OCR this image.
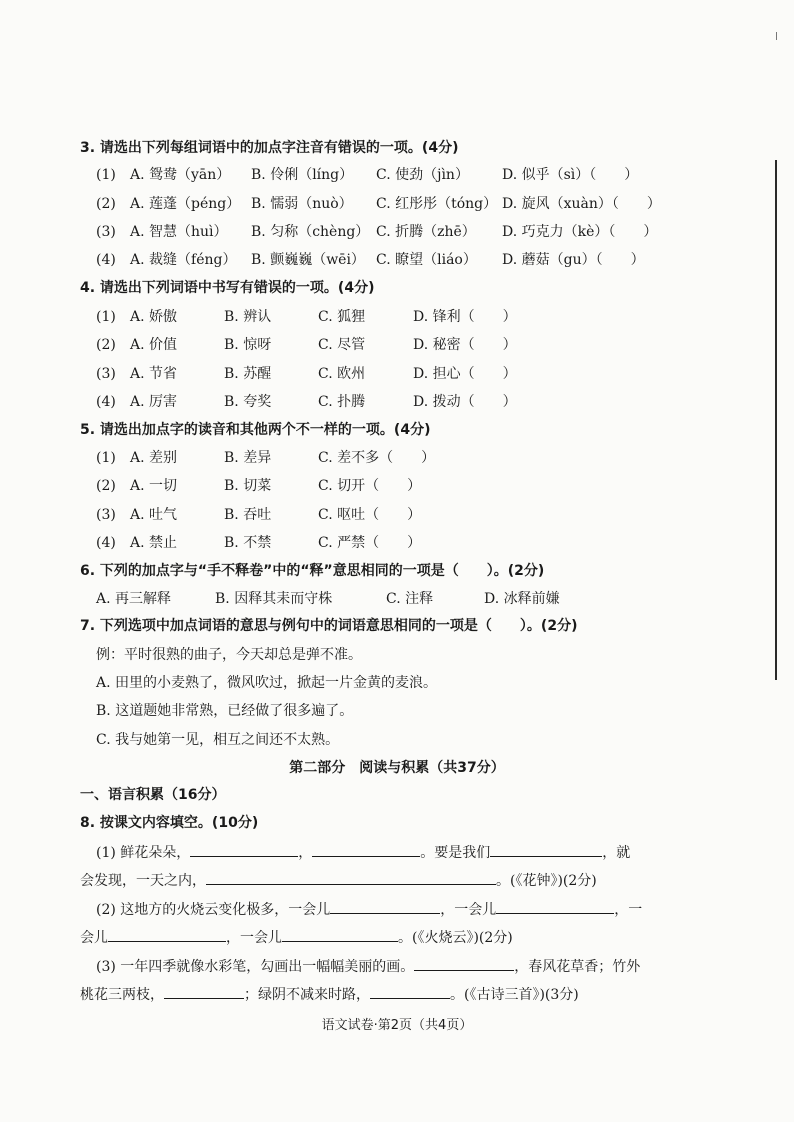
3. 请选出下列每组词语中的加点字注音有错误的一项。(4分)
(1) A. 鸳鸯（yān） B. 伶俐（líng） C. 使劲（jìn） D. 似乎（sì）（　　）
(2) A. 莲蓬（péng） B. 懦弱（nuò） C. 红彤彤（tóng） D. 旋风（xuàn）（　　）
(3) A. 智慧（huì） B. 匀称（chèng） C. 折腾（zhē） D. 巧克力（kè）（　　）
(4) A. 裁缝（féng） B. 颤巍巍（wēi） C. 瞭望（liáo） D. 蘑菇（gu）（　　）
4. 请选出下列词语中书写有错误的一项。(4分)
(1) A. 娇傲	B. 辨认	C. 狐狸	D. 锋利（　　）
(2) A. 价值	B. 惊呀	C. 尽管	D. 秘密（　　）
(3) A. 节省	B. 苏醒	C. 欧州	D. 担心（　　）
(4) A. 厉害	B. 夸奖	C. 扑腾	D. 拨动（　　）
5. 请选出加点字的读音和其他两个不一样的一项。(4分)
(1) A. 差别	B. 差异	C. 差不多（　　）
(2) A. 一切	B. 切菜	C. 切开（　　）
(3) A. 吐气	B. 吞吐	C. 呕吐（　　）
(4) A. 禁止	B. 不禁	C. 严禁（　　）
6. 下列的加点字与“手不释卷”中的“释”意思相同的一项是（　　）。(2分)
A. 再三解释	B. 因释其耒而守株	C. 注释	D. 冰释前嫌
7. 下列选项中加点词语的意思与例句中的词语意思相同的一项是（　　）。(2分)
例：平时很熟的曲子，今天却总是弹不准。
A. 田里的小麦熟了，微风吹过，掀起一片金黄的麦浪。
B. 这道题她非常熟，已经做了很多遍了。
C. 我与她第一见，相互之间还不太熟。
第二部分　阅读与积累（共37分）
一、语言积累（16分）
8. 按课文内容填空。(10分)
(1) 鲜花朵朵，	，	。要是我们	，就
会发现，一天之内，	。(《花钟》)(2分)
(2) 这地方的火烧云变化极多，一会儿	，一会儿	，一
会儿	，一会儿	。(《火烧云》)(2分)
(3) 一年四季就像水彩笔，勾画出一幅幅美丽的画。	，春风花草香；竹外
桃花三两枝，	；绿阴不减来时路，	。(《古诗三首》)(3分)
语文试卷·第2页（共4页）
